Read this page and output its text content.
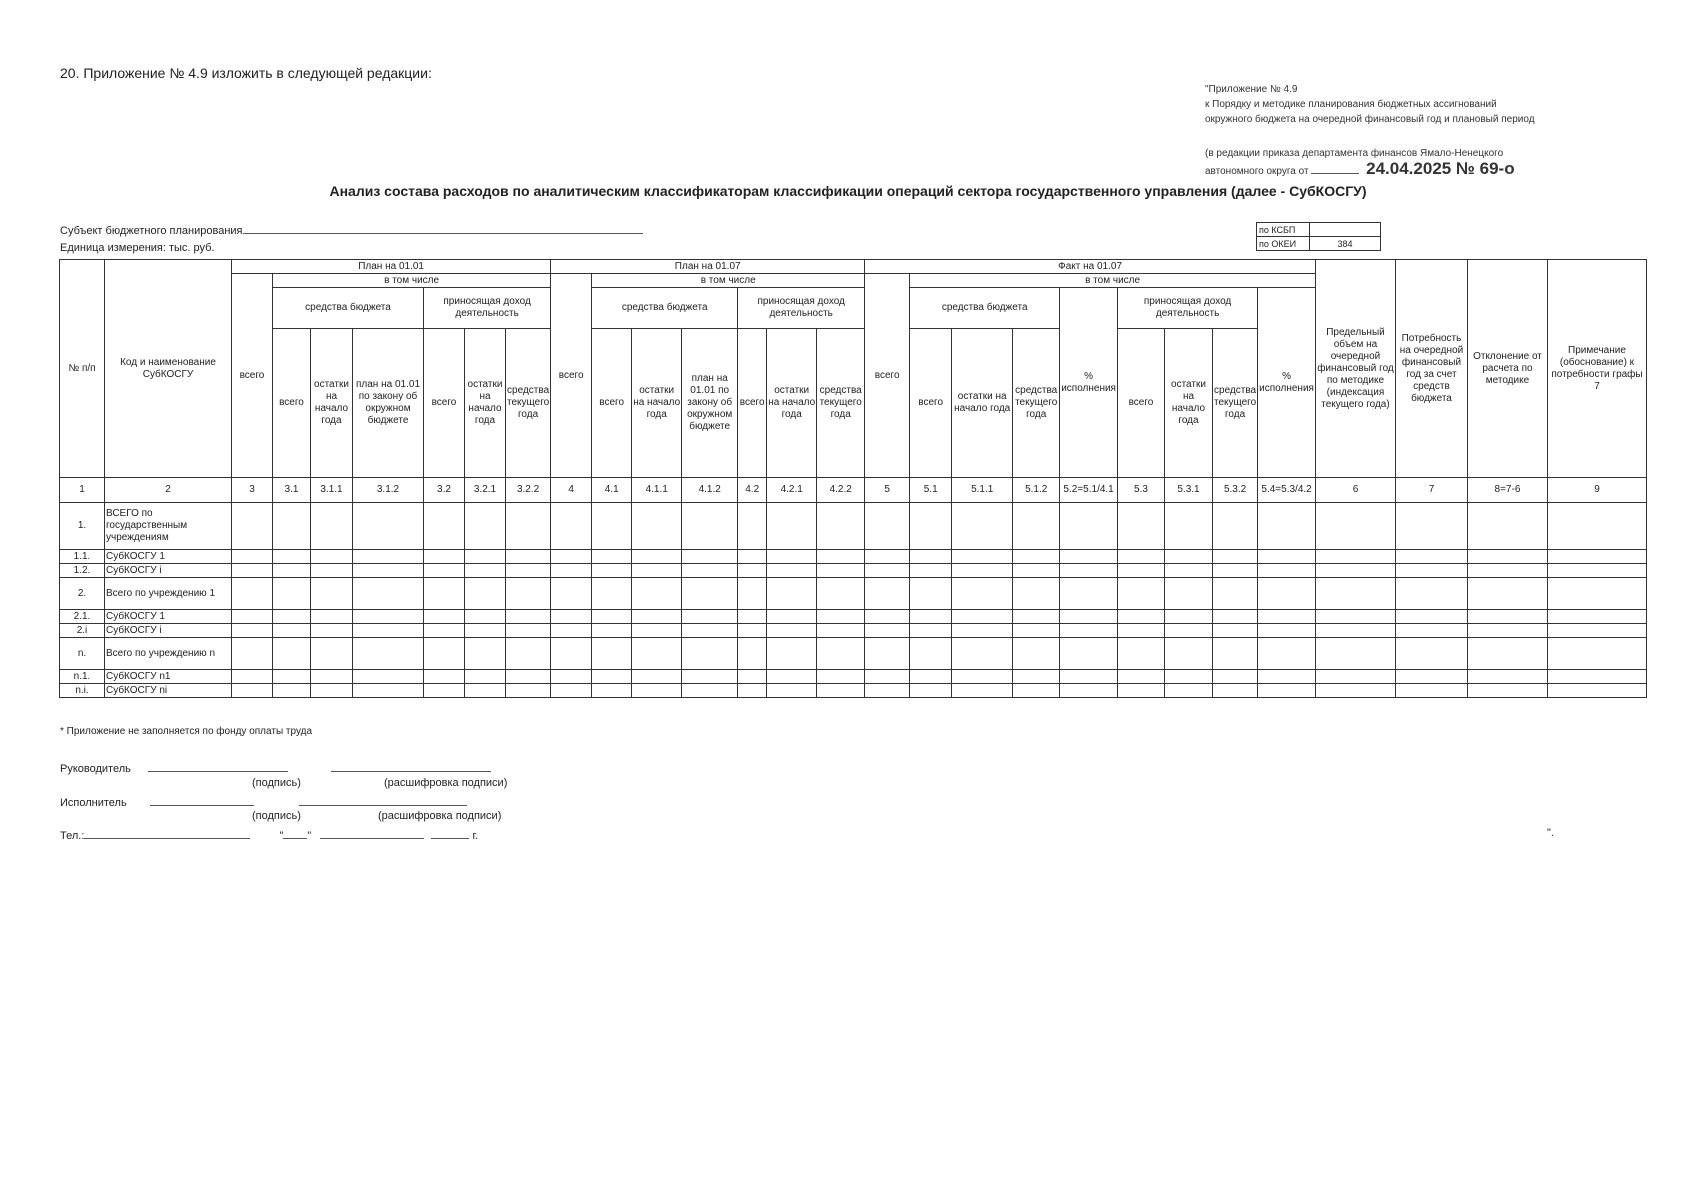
20. Приложение № 4.9 изложить в следующей редакции:
"Приложение № 4.9
к Порядку и методике планирования бюджетных ассигнований
окружного бюджета на очередной финансовый год и плановый период
(в редакции приказа департамента финансов Ямало-Ненецкого
автономного округа от	24.04.2025 № 69-о
Анализ состава расходов по аналитическим классификаторам классификации операций сектора государственного управления (далее - СубКОСГУ)
Субъект бюджетного планирования
Единица измерения: тыс. руб.
по КСБП	
по ОКЕИ	384
№ п/п	Код и наименование СубКОСГУ	План на 01.01							План на 01.07							Факт на 01.07									Предельный объем на очередной финансовый год по методике (индексация текущего года)	Потребность на очередной финансовый год за счет средств бюджета	Отклонение от расчета по методике	Примечание (обоснование) к потребности графы 7
		всего	в том числе						всего	в том числе						всего	в том числе											
			средства бюджета			приносящая доход деятельность				средства бюджета			приносящая доход деятельность				средства бюджета			% исполнения	приносящая доход деятельность			% исполнения				
			всего	остатки на начало года	план на 01.01 по закону об окружном бюджете	всего	остатки на начало года	средства текущего года		всего	остатки на начало года	план на 01.01 по закону об окружном бюджете	всего	остатки на начало года	средства текущего года		всего	остатки на начало года	средства текущего года		всего	остатки на начало года	средства текущего года					
1	2	3	3.1	3.1.1	3.1.2	3.2	3.2.1	3.2.2	4	4.1	4.1.1	4.1.2	4.2	4.2.1	4.2.2	5	5.1	5.1.1	5.1.2	5.2=5.1/4.1	5.3	5.3.1	5.3.2	5.4=5.3/4.2	6	7	8=7-6	9
1.	ВСЕГО по государственным учреждениям																											
1.1.	СубКОСГУ 1																											
1.2.	СубКОСГУ i																											
2.	Всего по учреждению 1																											
2.1.	СубКОСГУ 1																											
2.i	СубКОСГУ i																											
n.	Всего по учреждению n																											
n.1.	СубКОСГУ n1																											
n.i.	СубКОСГУ ni																											
* Приложение не заполняется по фонду оплаты труда
Руководитель
(подпись)	(расшифровка подписи)
Исполнитель
(подпись)	(расшифровка подписи)
Тел.:	" "	г.	".
